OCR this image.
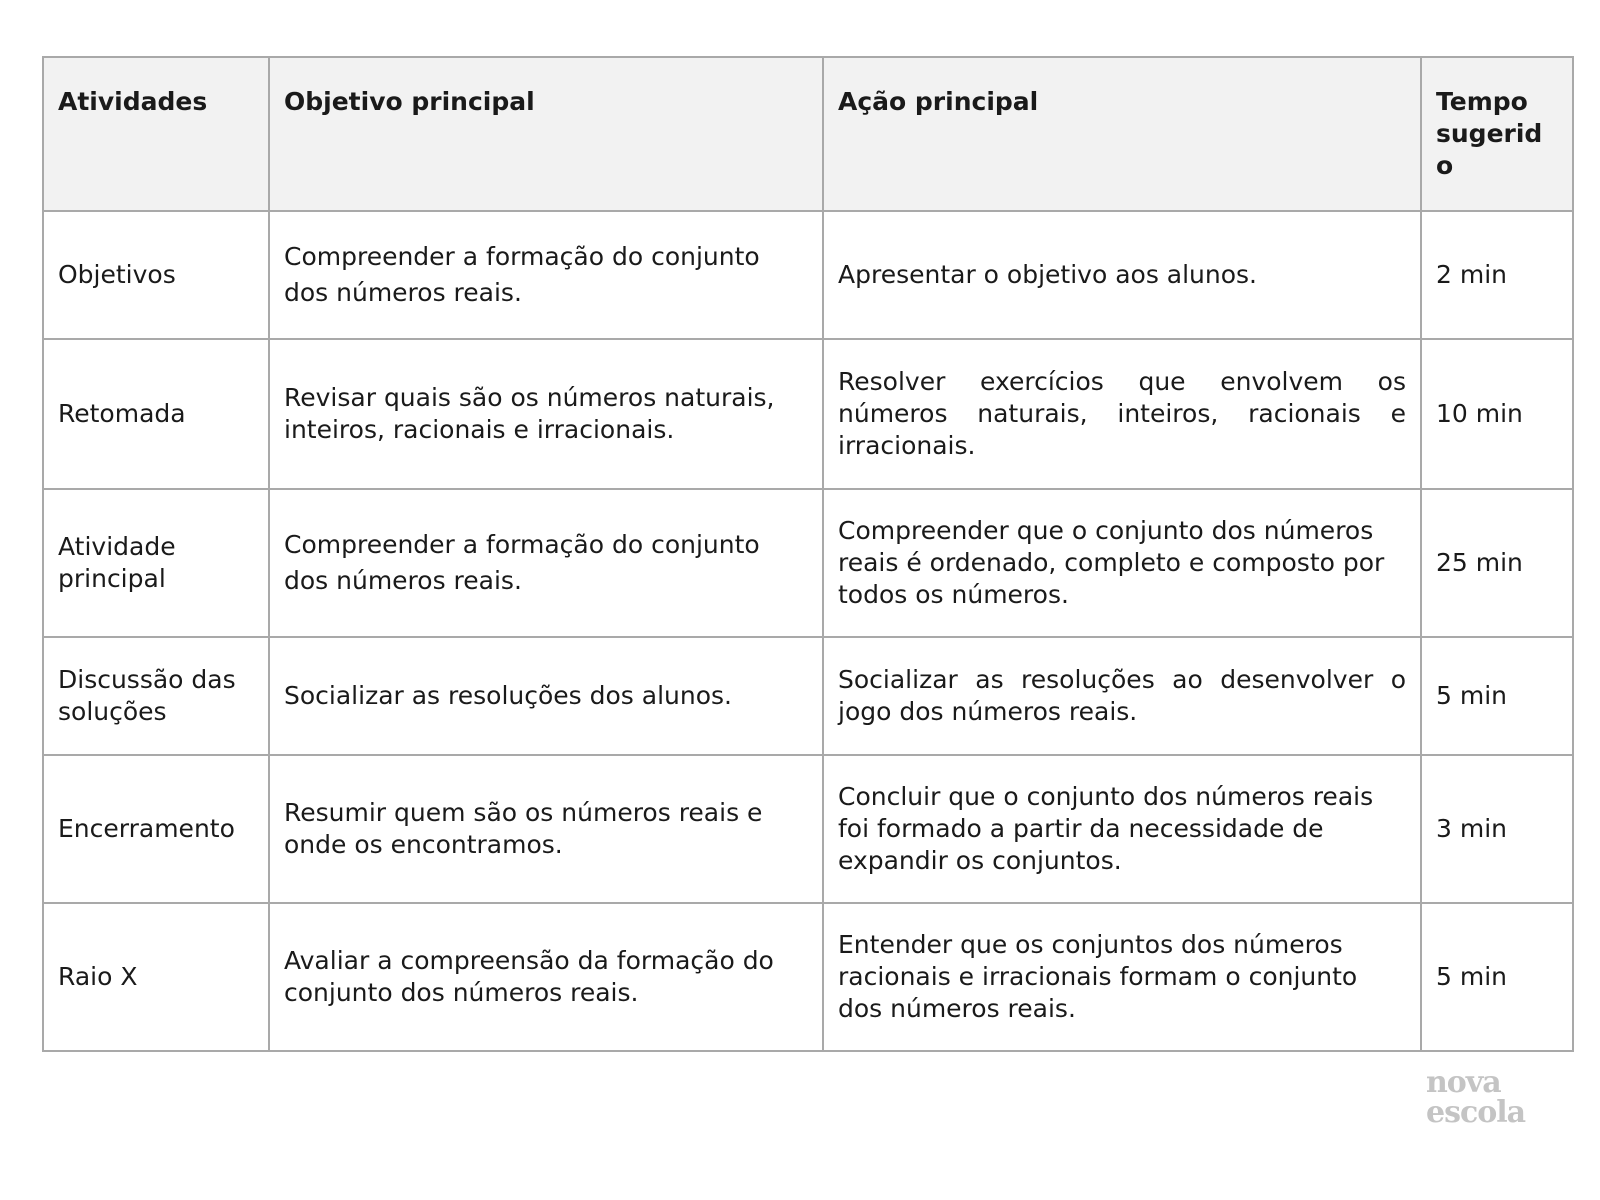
Atividades	Objetivo principal	Ação principal	Tempo sugerido
Objetivos	Compreender a formação do conjunto dos números reais.	Apresentar o objetivo aos alunos.	2 min
Retomada	Revisar quais são os números naturais, inteiros, racionais e irracionais.	Resolver exercícios que envolvem os números naturais, inteiros, racionais e irracionais.	10 min
Atividade principal	Compreender a formação do conjunto dos números reais.	Compreender que o conjunto dos números reais é ordenado, completo e composto por todos os números.	25 min
Discussão das soluções	Socializar as resoluções dos alunos.	Socializar as resoluções ao desenvolver o jogo dos números reais.	5 min
Encerramento	Resumir quem são os números reais e onde os encontramos.	Concluir que o conjunto dos números reais foi formado a partir da necessidade de expandir os conjuntos.	3 min
Raio X	Avaliar a compreensão da formação do conjunto dos números reais.	Entender que os conjuntos dos números racionais e irracionais formam o conjunto dos números reais.	5 min
nova
escola
